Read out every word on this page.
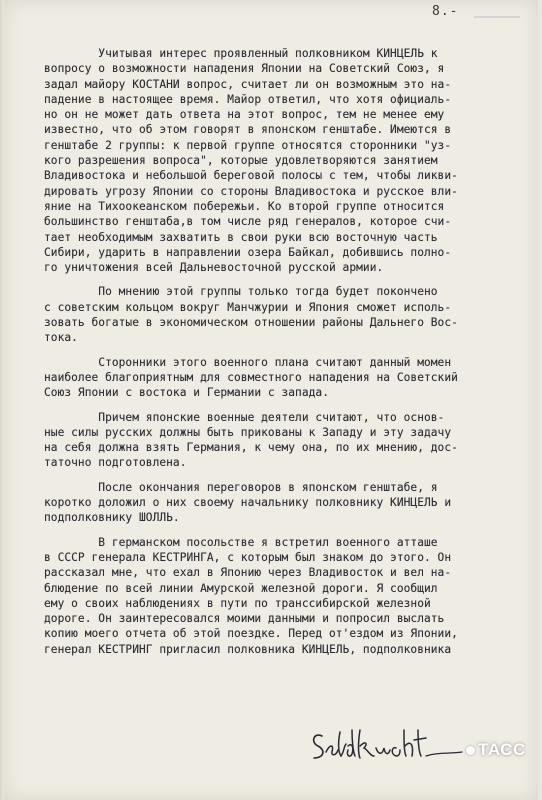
8.-
Учитывая интерес проявленный полковником КИНЦЕЛЬ к
вопросу о возможности нападения Японии на Советский Союз, я
задал майору КОСТАНИ вопрос, считает ли он возможным это на-
падение в настоящее время. Майор ответил, что хотя официаль-
но он не может дать ответа на этот вопрос, тем не менее ему
известно, что об этом говорят в японском генштабе. Имеются в
генштабе 2 группы: к первой группе относятся сторонники "уз-
кого разрешения вопроса", которые удовлетворяются занятием
Владивостока и небольшой береговой полосы с тем, чтобы ликви-
дировать угрозу Японии со стороны Владивостока и русское вли-
яние на Тихоокеанском побережьи. Ко второй группе относится
большинство генштаба,в том числе ряд генералов, которое счи-
тает необходимым захватить в свои руки всю восточную часть
Сибири, ударить в направлении озера Байкал, добившись полно-
го уничтожения всей Дальневосточной русской армии.
По мнению этой группы только тогда будет покончено
с советским кольцом вокруг Манчжурии и Япония сможет исполь-
зовать богатые в экономическом отношении районы Дальнего Вос-
тока.
Сторонники этого военного плана считают данный момен
наиболее благоприятным для совместного нападения на Советский
Союз Японии с востока и Германии с запада.
Причем японские военные деятели считают, что основ-
ные силы русских должны быть прикованы к Западу и эту задачу
на себя должна взять Германия, к чему она, по их мнению, дос-
таточно подготовлена.
После окончания переговоров в японском генштабе, я
коротко доложил о них своему начальнику полковнику КИНЦЕЛЬ и
подполковнику ШОЛЛЬ.
В германском посольстве я встретил военного атташе
в СССР генерала КЕСТРИНГА, с которым был знаком до этого. Он
рассказал мне, что ехал в Японию через Владивосток и вел на-
блюдение по всей линии Амурской железной дороги. Я сообщил
ему о своих наблюдениях в пути по транссибирской железной
дороге. Он заинтересовался моими данными и попросил выслать
копию моего отчета об этой поездке. Перед от'ездом из Японии,
генерал КЕСТРИНГ пригласил полковника КИНЦЕЛЬ, подполковника
ТАСС
